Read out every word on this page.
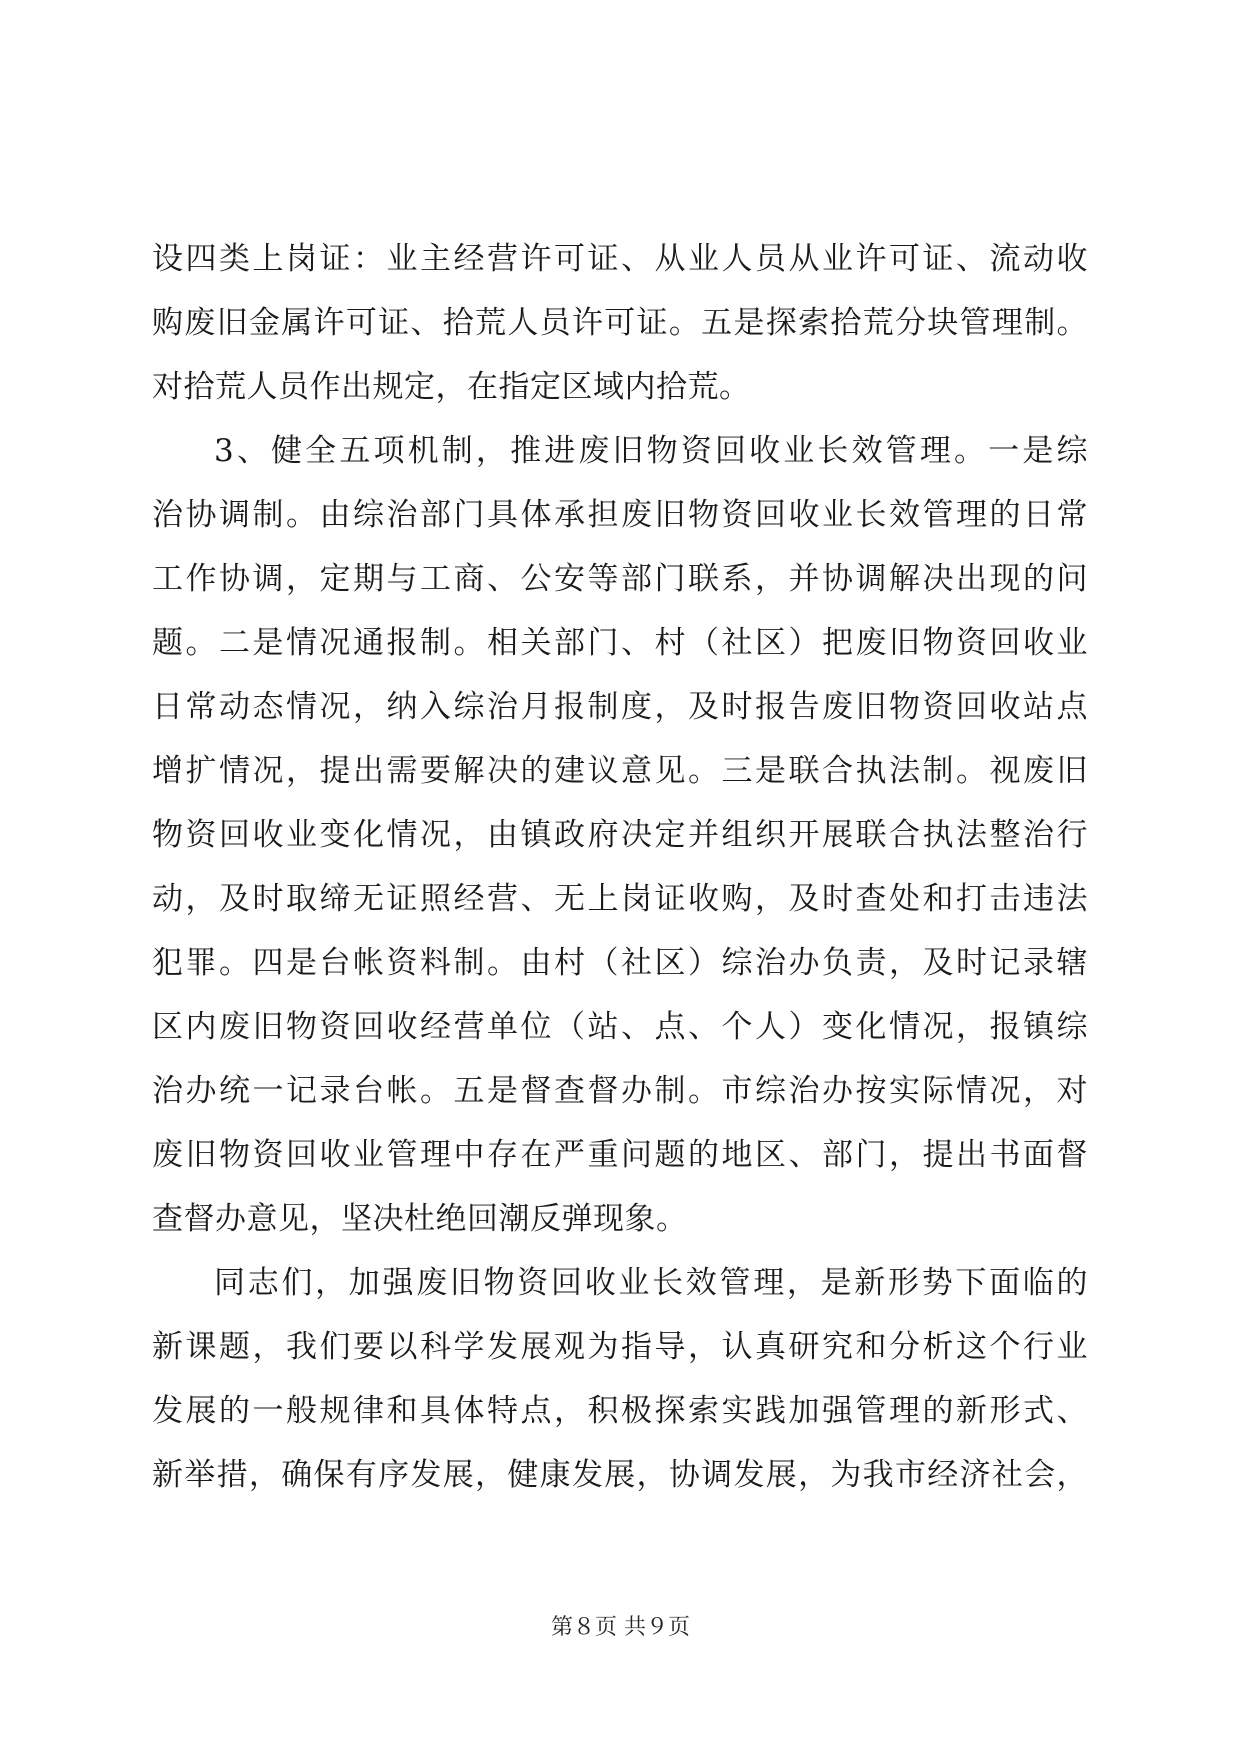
设四类上岗证：业主经营许可证、从业人员从业许可证、流动收
购废旧金属许可证、拾荒人员许可证。五是探索拾荒分块管理制。
对拾荒人员作出规定，在指定区域内拾荒。
3、健全五项机制，推进废旧物资回收业长效管理。一是综
治协调制。由综治部门具体承担废旧物资回收业长效管理的日常
工作协调，定期与工商、公安等部门联系，并协调解决出现的问
题。二是情况通报制。相关部门、村（社区）把废旧物资回收业
日常动态情况，纳入综治月报制度，及时报告废旧物资回收站点
增扩情况，提出需要解决的建议意见。三是联合执法制。视废旧
物资回收业变化情况，由镇政府决定并组织开展联合执法整治行
动，及时取缔无证照经营、无上岗证收购，及时查处和打击违法
犯罪。四是台帐资料制。由村（社区）综治办负责，及时记录辖
区内废旧物资回收经营单位（站、点、个人）变化情况，报镇综
治办统一记录台帐。五是督查督办制。市综治办按实际情况，对
废旧物资回收业管理中存在严重问题的地区、部门，提出书面督
查督办意见，坚决杜绝回潮反弹现象。
同志们，加强废旧物资回收业长效管理，是新形势下面临的
新课题，我们要以科学发展观为指导，认真研究和分析这个行业
发展的一般规律和具体特点，积极探索实践加强管理的新形式、
新举措，确保有序发展，健康发展，协调发展，为我市经济社会，
第８页 共９页
